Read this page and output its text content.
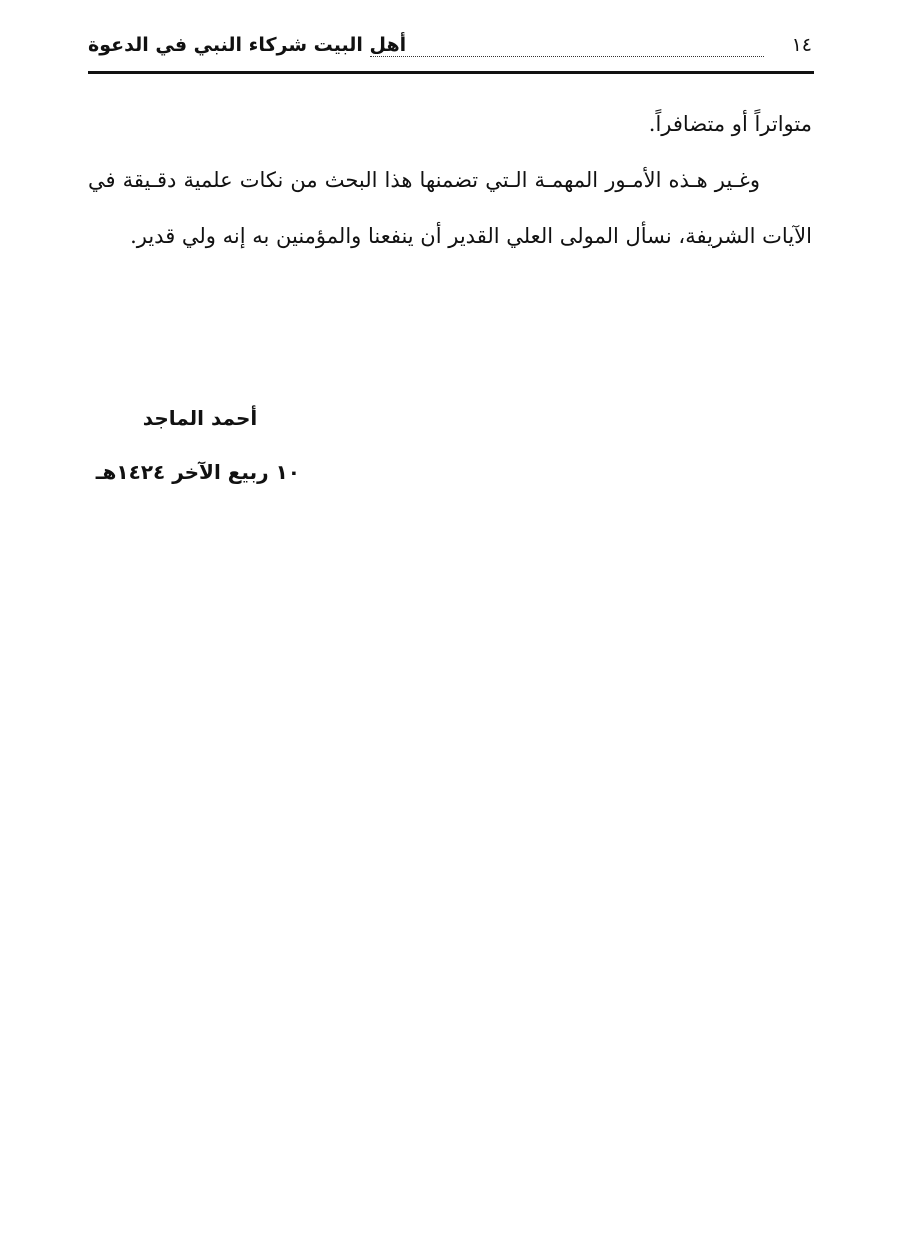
أهل البيت شركاء النبي في الدعوة	١٤

متواتراً أو متضافراً.

وغـير هـذه الأمـور المهمـة الـتي تضمنها هذا البحث من نكات علمية دقـيقة في الآيات الشريفة، نسأل المولى العلي القدير أن ينفعنا والمؤمنين به إنه ولي قدير.

أحمد الماجد

١٠ ربيع الآخر ١٤٢٤هـ
